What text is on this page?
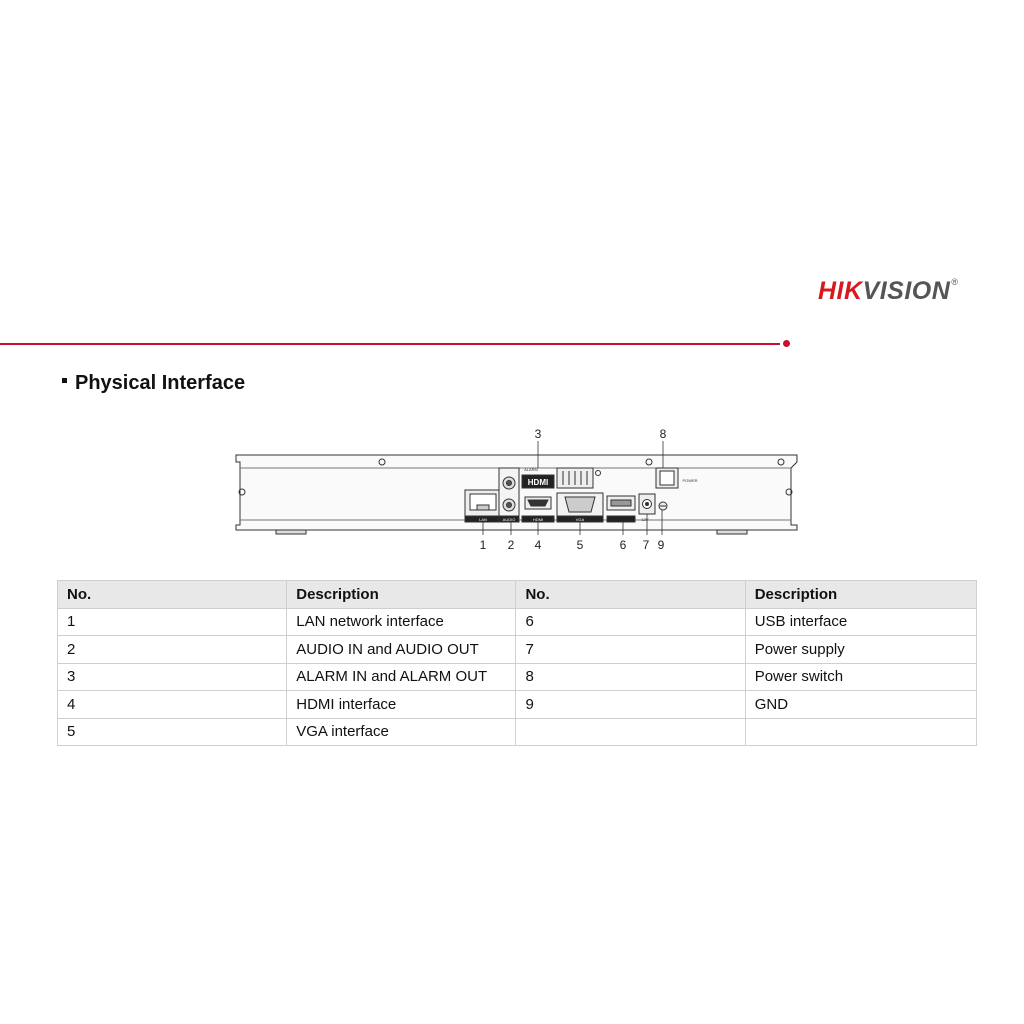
HIKVISION®
Physical Interface
HDMI
LAN	AUDIO	HDMI	VGA
ALARM
POWER
12V
3	8
1 2 4	5	6 7 9
No.	Description	No.	Description
1	LAN network interface	6	USB interface
2	AUDIO IN and AUDIO OUT	7	Power supply
3	ALARM IN and ALARM OUT	8	Power switch
4	HDMI interface	9	GND
5	VGA interface		
